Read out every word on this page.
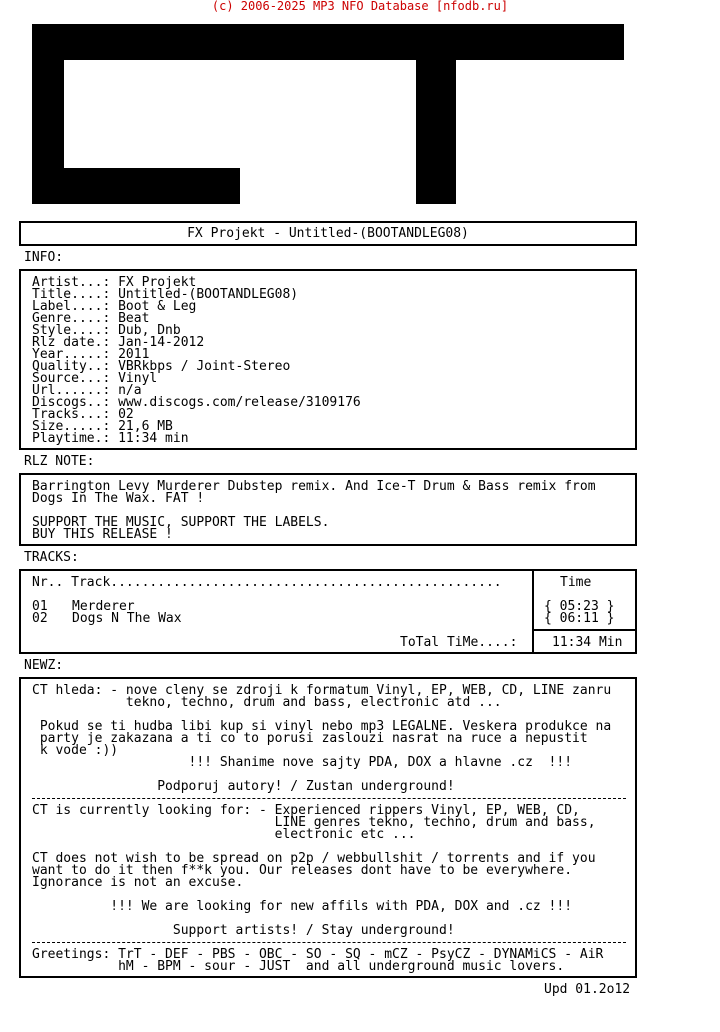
(c) 2006-2025 MP3 NFO Database [nfodb.ru]
FX Projekt - Untitled-(BOOTANDLEG08)
INFO:
Artist...: FX Projekt
Title....: Untitled-(BOOTANDLEG08)
Label....: Boot & Leg
Genre....: Beat
Style....: Dub, Dnb
Rlz date.: Jan-14-2012
Year.....: 2011
Quality..: VBRkbps / Joint-Stereo
Source...: Vinyl
Url......: n/a
Discogs..: www.discogs.com/release/3109176
Tracks...: 02
Size.....: 21,6 MB
Playtime.: 11:34 min
RLZ NOTE:
Barrington Levy Murderer Dubstep remix. And Ice-T Drum & Bass remix from
Dogs In The Wax. FAT !

SUPPORT THE MUSIC, SUPPORT THE LABELS.
BUY THIS RELEASE !
TRACKS:
Nr.. Track..................................................	Time
01 Merderer	{ 05:23 }
02 Dogs N The Wax	{ 06:11 }
ToTal TiMe....:	11:34 Min
NEWZ:
CT hleda: - nove cleny se zdroji k formatum Vinyl, EP, WEB, CD, LINE zanru
tekno, techno, drum and bass, electronic atd ...

Pokud se ti hudba libi kup si vinyl nebo mp3 LEGALNE. Veskera produkce na
party je zakazana a ti co to porusi zaslouzi nasrat na ruce a nepustit
k vode :))
!!! Shanime nove sajty PDA, DOX a hlavne .cz  !!!

Podporuj autory! / Zustan underground!

CT is currently looking for: - Experienced rippers Vinyl, EP, WEB, CD,
LINE genres tekno, techno, drum and bass,
electronic etc ...

CT does not wish to be spread on p2p / webbullshit / torrents and if you
want to do it then f**k you. Our releases dont have to be everywhere.
Ignorance is not an excuse.

!!! We are looking for new affils with PDA, DOX and .cz !!!

Support artists! / Stay underground!

Greetings: TrT - DEF - PBS - OBC - SO - SQ - mCZ - PsyCZ - DYNAMiCS - AiR
hM - BPM - sour - JUST  and all underground music lovers.
Upd 01.2o12
